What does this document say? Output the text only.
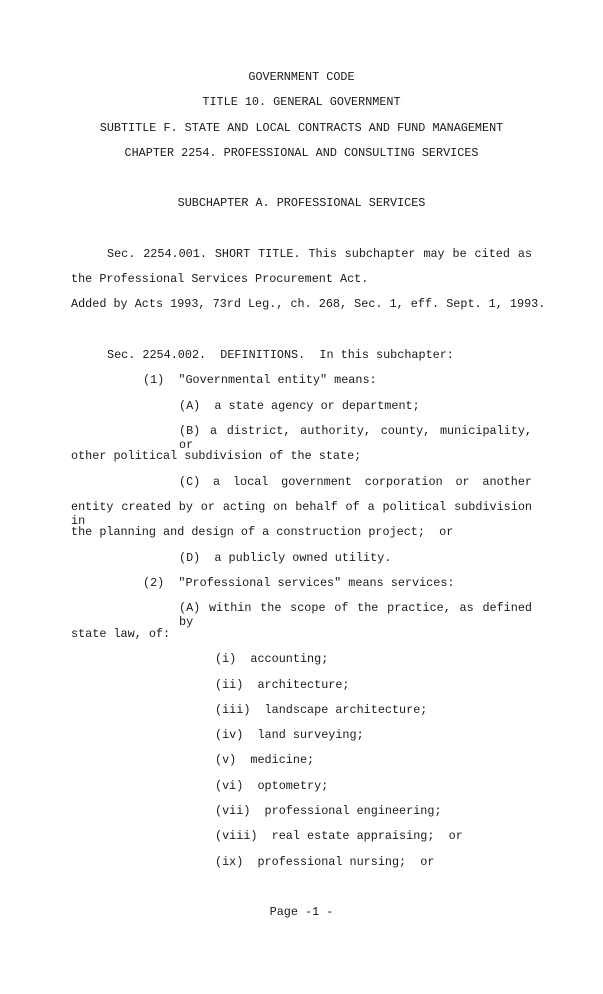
GOVERNMENT CODE
TITLE 10. GENERAL GOVERNMENT
SUBTITLE F. STATE AND LOCAL CONTRACTS AND FUND MANAGEMENT
CHAPTER 2254. PROFESSIONAL AND CONSULTING SERVICES
SUBCHAPTER A. PROFESSIONAL SERVICES
Sec. 2254.001. SHORT TITLE. This subchapter may be cited as
the Professional Services Procurement Act.
Added by Acts 1993, 73rd Leg., ch. 268, Sec. 1, eff. Sept. 1, 1993.
Sec. 2254.002.  DEFINITIONS.  In this subchapter:
(1)  "Governmental entity" means:
(A)  a state agency or department;
(B) a district, authority, county, municipality, or
other political subdivision of the state;
(C) a local government corporation or another
entity created by or acting on behalf of a political subdivision in
the planning and design of a construction project;  or
(D)  a publicly owned utility.
(2)  "Professional services" means services:
(A) within the scope of the practice, as defined by
state law, of:
(i)  accounting;
(ii)  architecture;
(iii)  landscape architecture;
(iv)  land surveying;
(v)  medicine;
(vi)  optometry;
(vii)  professional engineering;
(viii)  real estate appraising;  or
(ix)  professional nursing;  or
Page -1 -
